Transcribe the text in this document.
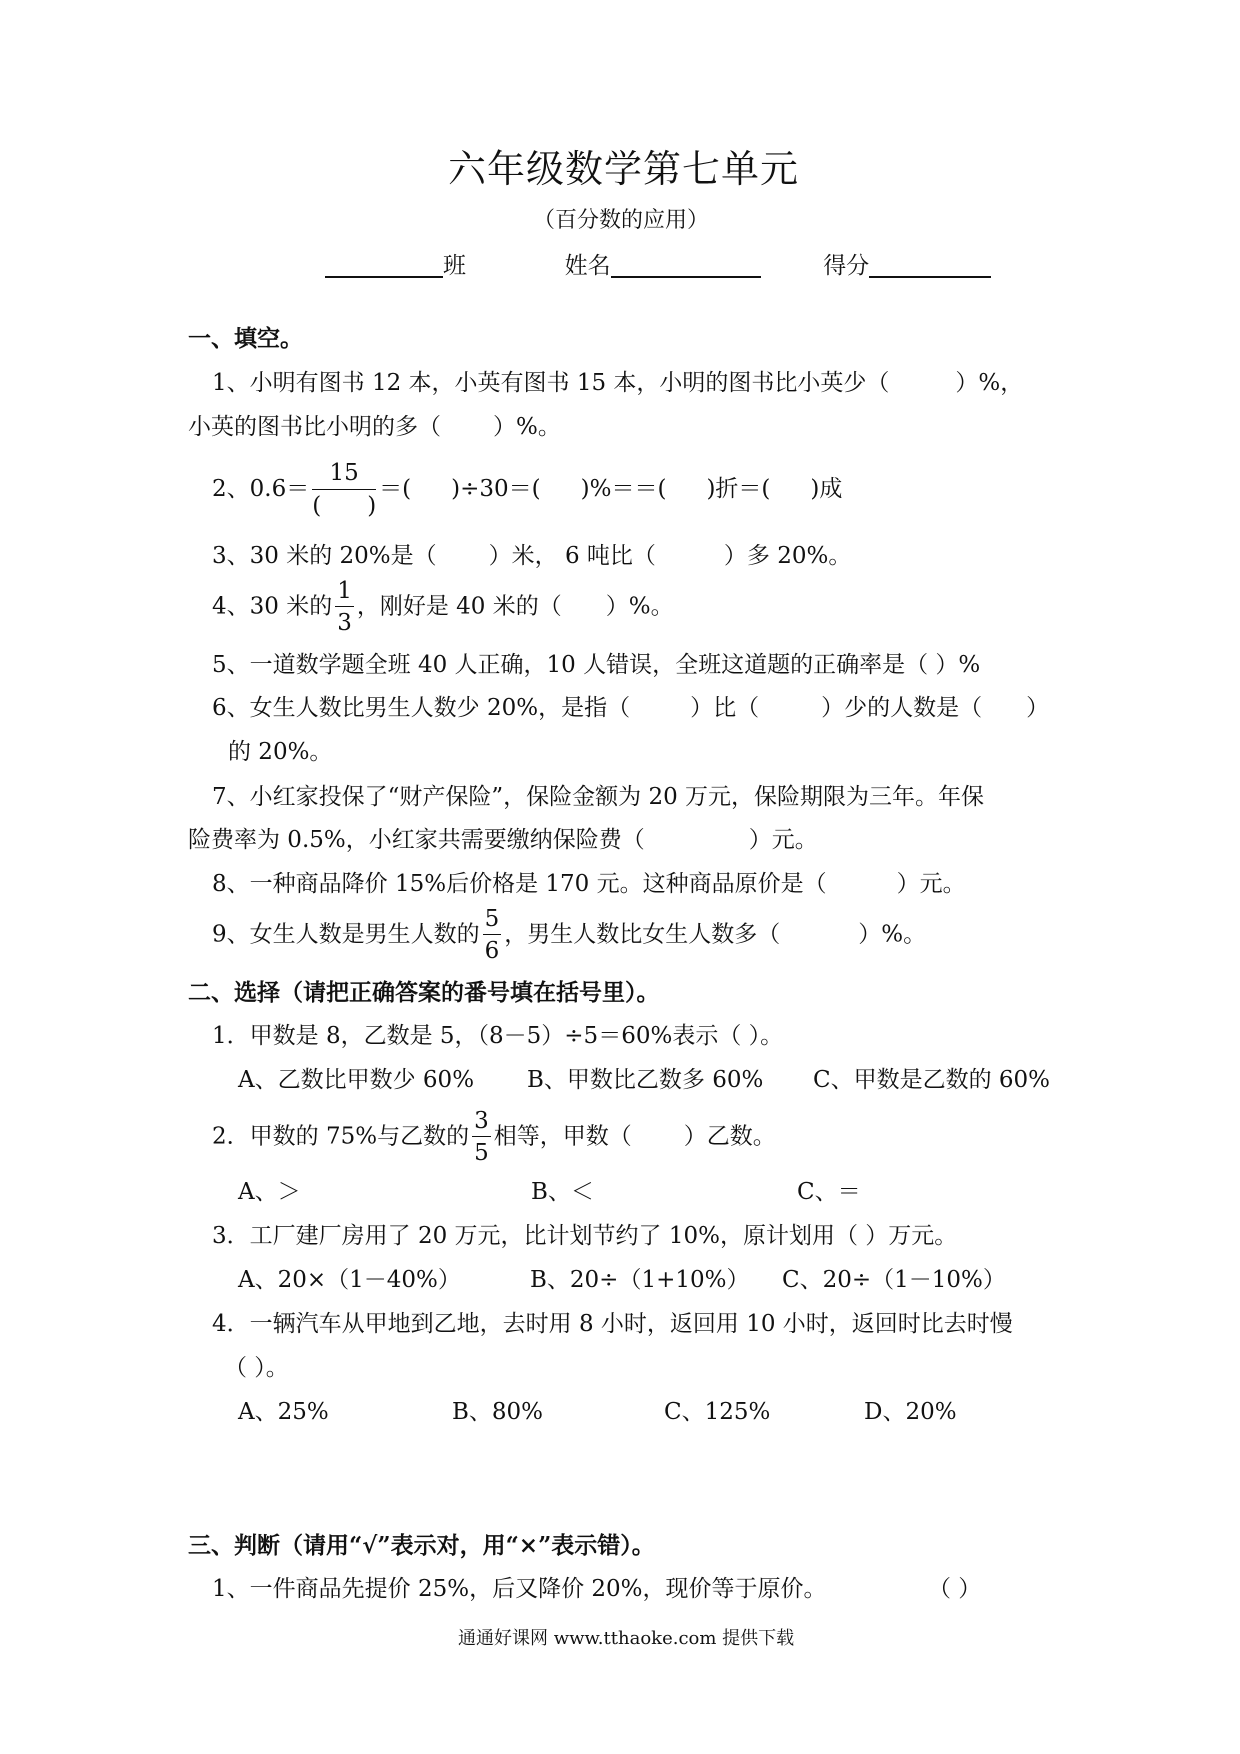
六年级数学第七单元
（百分数的应用）
班	姓名	得分
一、填空。
1、小明有图书 12 本，小英有图书 15 本，小明的图书比小英少（	）%，
小英的图书比小明的多（ ）%。
2、$0.6= \frac{15}{( )}$ ＝( )÷30＝( )%＝＝( )折＝( )成
3、30 米的 20%是（ ）米， 6 吨比（	）多 20%。
4、30 米的 $\frac{1}{3}$ ，刚好是 40 米的（ ）%。
5、一道数学题全班 40 人正确，10 人错误，全班这道题的正确率是（ ）%
6、女生人数比男生人数少 20%，是指（	）比（	）少的人数是（ ）
的 20%。
7、小红家投保了“财产保险”，保险金额为 20 万元，保险期限为三年。年保
险费率为 0.5%，小红家共需要缴纳保险费（	）元。
8、一种商品降价 15%后价格是 170 元。这种商品原价是（	）元。
9、女生人数是男生人数的 $\frac{5}{6}$ ，男生人数比女生人数多（	）%。
二、选择（请把正确答案的番号填在括号里）。
1．甲数是 8，乙数是 5，（8－5）÷5＝60%表示（ ）。
A、乙数比甲数少 60% B、甲数比乙数多 60% C、甲数是乙数的 60%
2．甲数的 75%与乙数的 $\frac{3}{5}$ 相等，甲数（ ）乙数。
A、＞	B、＜	C、＝
3．工厂建厂房用了 20 万元，比计划节约了 10%，原计划用（ ）万元。
A、20×（1－40%）	B、20÷（1+10%） C、20÷（1－10%）
4．一辆汽车从甲地到乙地，去时用 8 小时，返回用 10 小时，返回时比去时慢
（ ）。
A、25%	B、80%	C、125%	D、20%
三、判断（请用“√”表示对，用“×”表示错）。
1、一件商品先提价 25%，后又降价 20%，现价等于原价。	（ ）
通通好课网 www.tthaoke.com 提供下载
